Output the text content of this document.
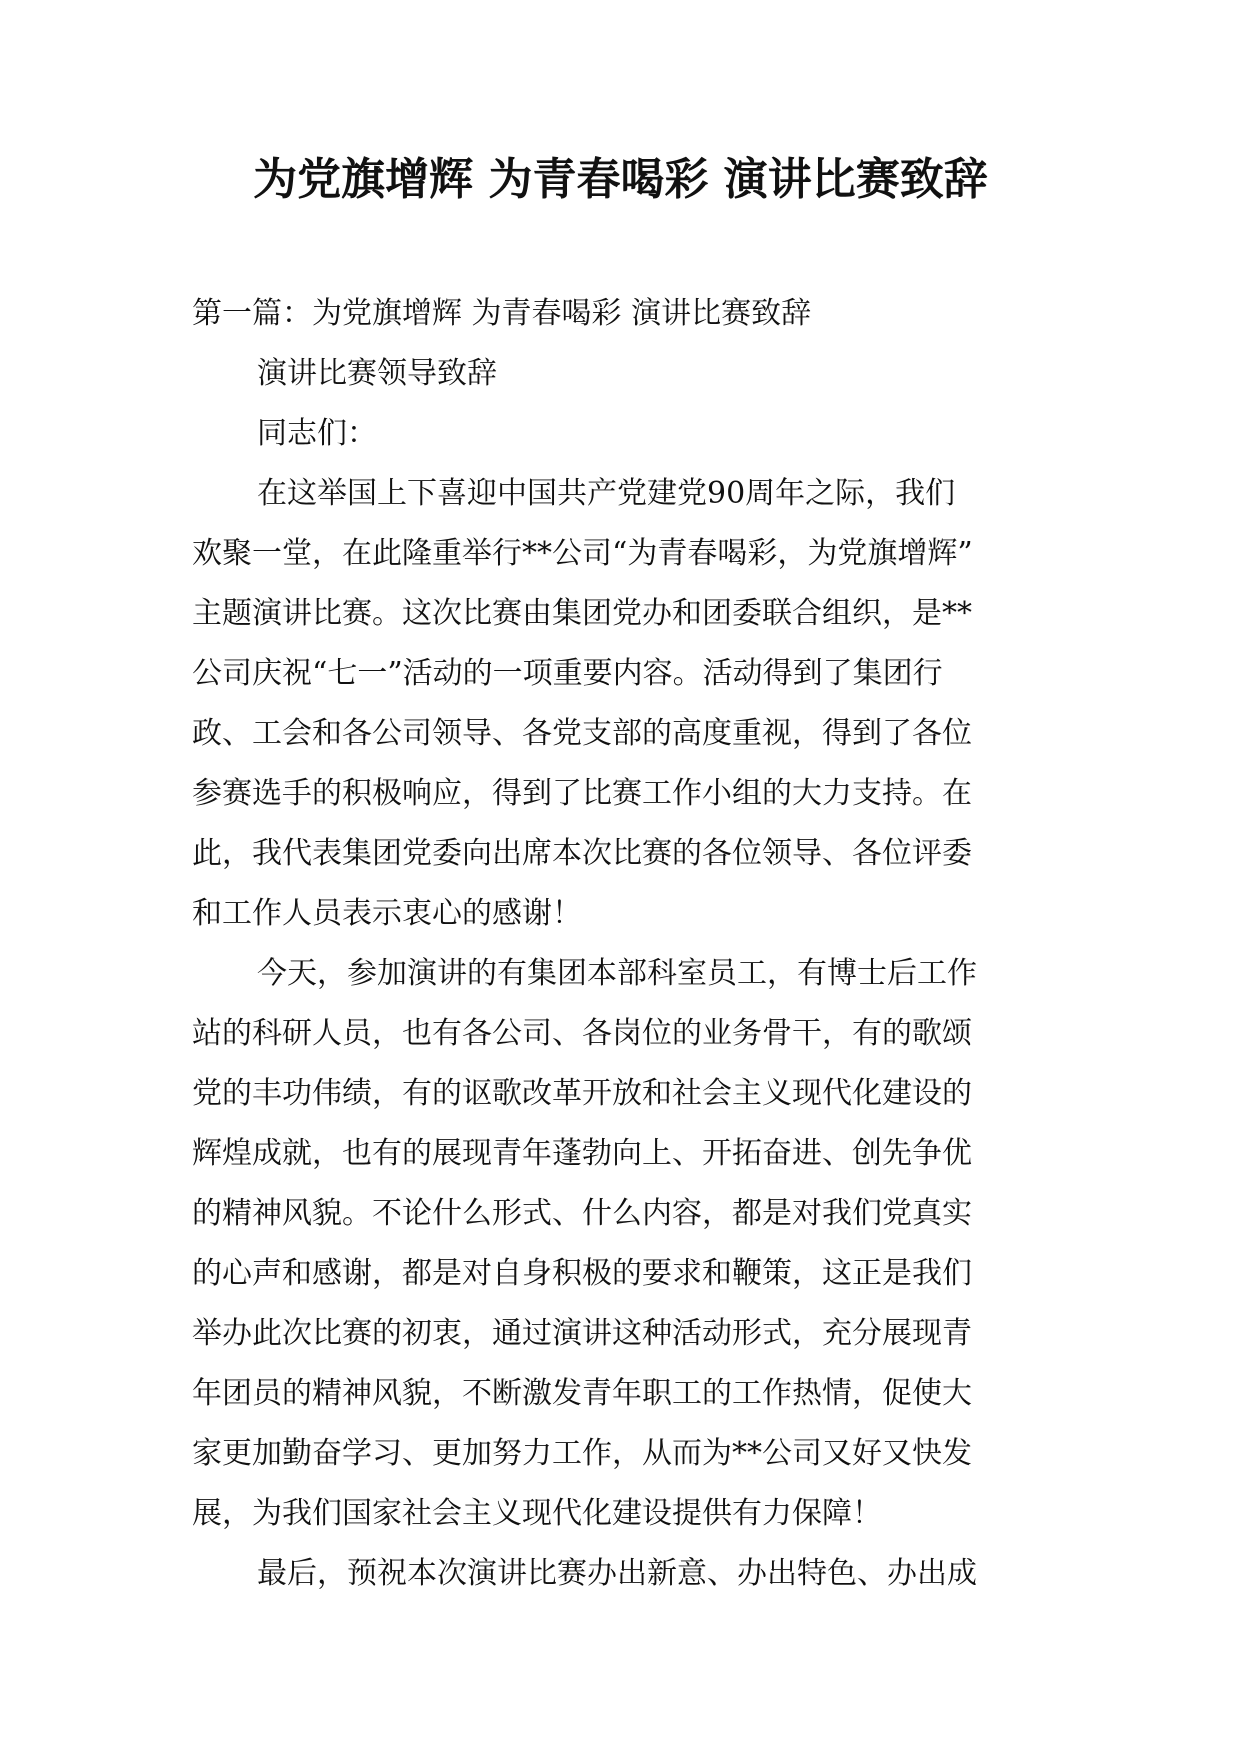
为党旗增辉 为青春喝彩 演讲比赛致辞
第一篇：为党旗增辉 为青春喝彩 演讲比赛致辞
演讲比赛领导致辞
同志们：
在这举国上下喜迎中国共产党建党90周年之际，我们
欢聚一堂，在此隆重举行**公司“为青春喝彩，为党旗增辉”
主题演讲比赛。这次比赛由集团党办和团委联合组织，是**
公司庆祝“七一”活动的一项重要内容。活动得到了集团行
政、工会和各公司领导、各党支部的高度重视，得到了各位
参赛选手的积极响应，得到了比赛工作小组的大力支持。在
此，我代表集团党委向出席本次比赛的各位领导、各位评委
和工作人员表示衷心的感谢！
今天，参加演讲的有集团本部科室员工，有博士后工作
站的科研人员，也有各公司、各岗位的业务骨干，有的歌颂
党的丰功伟绩，有的讴歌改革开放和社会主义现代化建设的
辉煌成就，也有的展现青年蓬勃向上、开拓奋进、创先争优
的精神风貌。不论什么形式、什么内容，都是对我们党真实
的心声和感谢，都是对自身积极的要求和鞭策，这正是我们
举办此次比赛的初衷，通过演讲这种活动形式，充分展现青
年团员的精神风貌，不断激发青年职工的工作热情，促使大
家更加勤奋学习、更加努力工作，从而为**公司又好又快发
展，为我们国家社会主义现代化建设提供有力保障！
最后，预祝本次演讲比赛办出新意、办出特色、办出成
